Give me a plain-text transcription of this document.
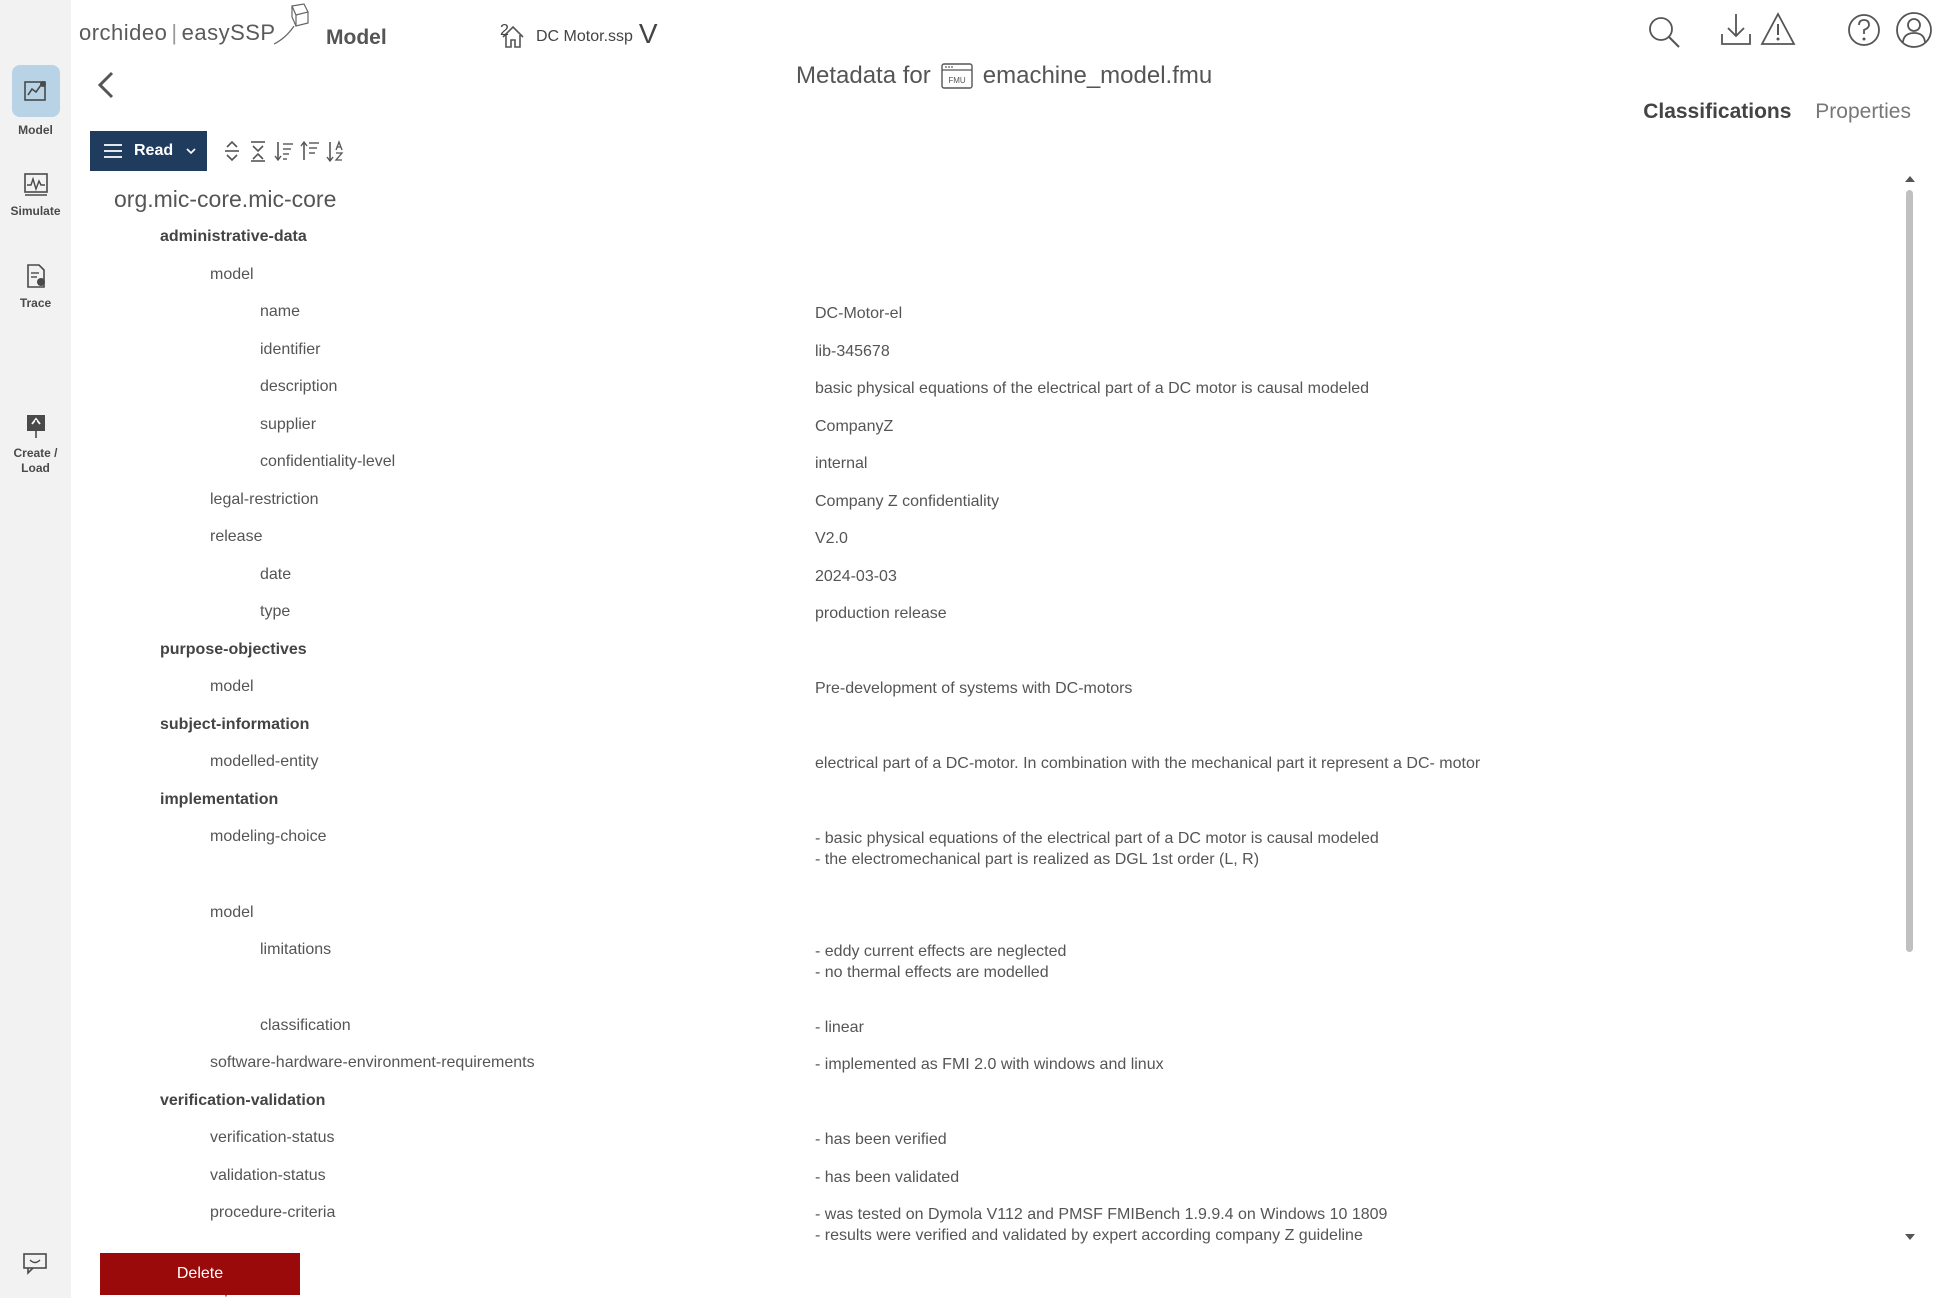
Model
Simulate
Trace
Create / Load
orchideo | easySSP Model	DC Motor.ssp V
2
Metadata for FMU emachine_model.fmu
Classifications Properties
Read
org.mic-core.mic-core
administrative-data
model
name	DC-Motor-el
identifier	lib-345678
description	basic physical equations of the electrical part of a DC motor is causal modeled
supplier	CompanyZ
confidentiality-level	internal
legal-restriction	Company Z confidentiality
release	V2.0
date	2024-03-03
type	production release
purpose-objectives
model	Pre-development of systems with DC-motors
subject-information
modelled-entity	electrical part of a DC-motor. In combination with the mechanical part it represent a DC- motor
implementation
modeling-choice	- basic physical equations of the electrical part of a DC motor is causal modeled
- the electromechanical part is realized as DGL 1st order (L, R)
model
limitations	- eddy current effects are neglected
- no thermal effects are modelled
classification	- linear
software-hardware-environment-requirements	- implemented as FMI 2.0 with windows and linux
verification-validation
verification-status	- has been verified
validation-status	- has been validated
procedure-criteria	- was tested on Dymola V112 and PMSF FMIBench 1.9.9.4 on Windows 10 1809
- results were verified and validated by expert according company Z guideline
Delete
